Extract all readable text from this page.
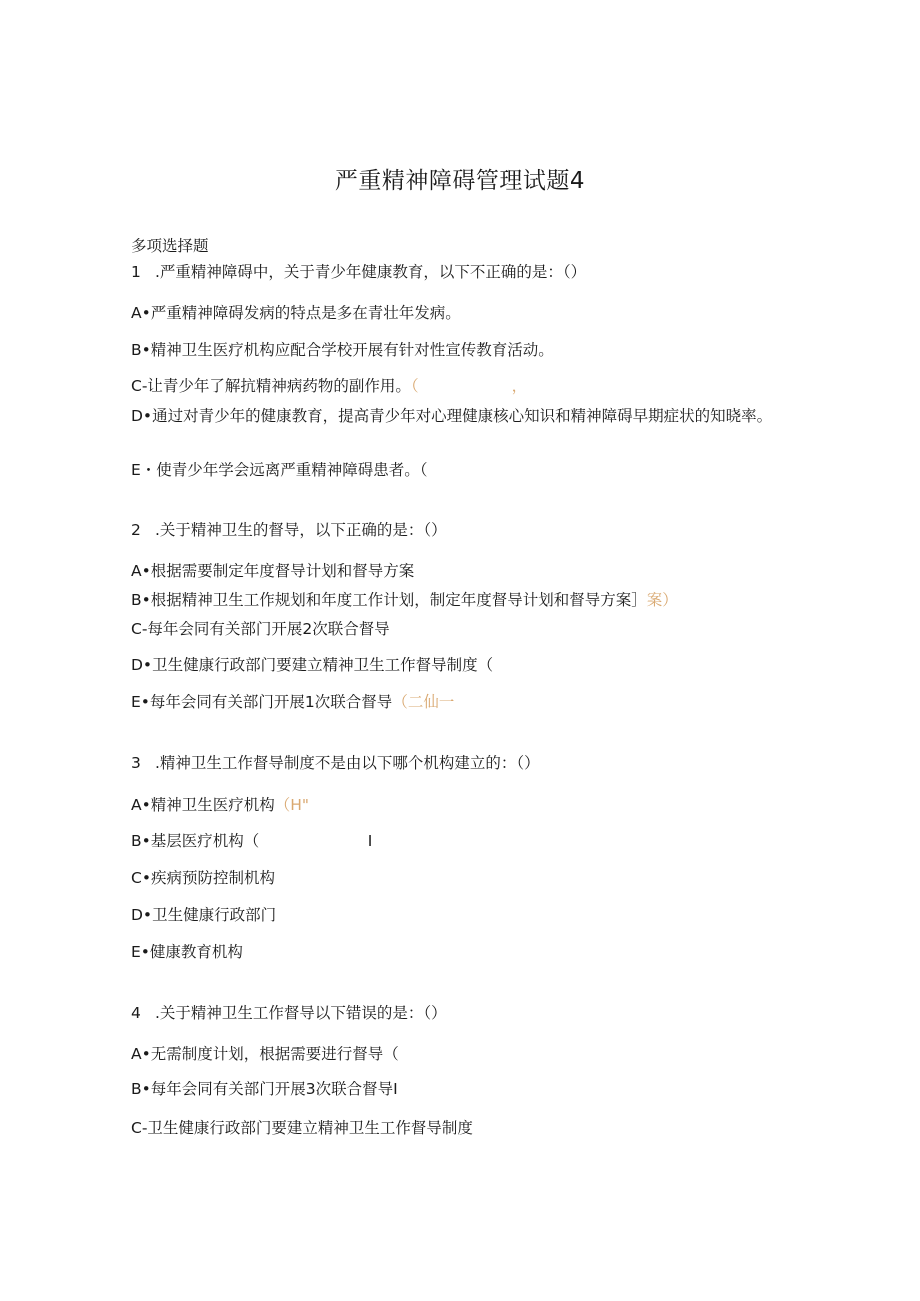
严重精神障碍管理试题4
多项选择题
1 .严重精神障碍中，关于青少年健康教育，以下不正确的是：（）
A•严重精神障碍发病的特点是多在青壮年发病。
B•精神卫生医疗机构应配合学校开展有针对性宣传教育活动。
C-让青少年了解抗精神病药物的副作用。（　　　　　　，
D•通过对青少年的健康教育，提高青少年对心理健康核心知识和精神障碍早期症状的知晓率。
E・使青少年学会远离严重精神障碍患者。（
2 .关于精神卫生的督导，以下正确的是：（）
A•根据需要制定年度督导计划和督导方案
B•根据精神卫生工作规划和年度工作计划，制定年度督导计划和督导方案］案）
C-每年会同有关部门开展2次联合督导
D•卫生健康行政部门要建立精神卫生工作督导制度（
E•每年会同有关部门开展1次联合督导（二仙一
3 .精神卫生工作督导制度不是由以下哪个机构建立的：（）
A•精神卫生医疗机构（H"
B•基层医疗机构（　　　　　　　I
C•疾病预防控制机构
D•卫生健康行政部门
E•健康教育机构
4 .关于精神卫生工作督导以下错误的是：（）
A•无需制度计划，根据需要进行督导（
B•每年会同有关部门开展3次联合督导I
C-卫生健康行政部门要建立精神卫生工作督导制度
